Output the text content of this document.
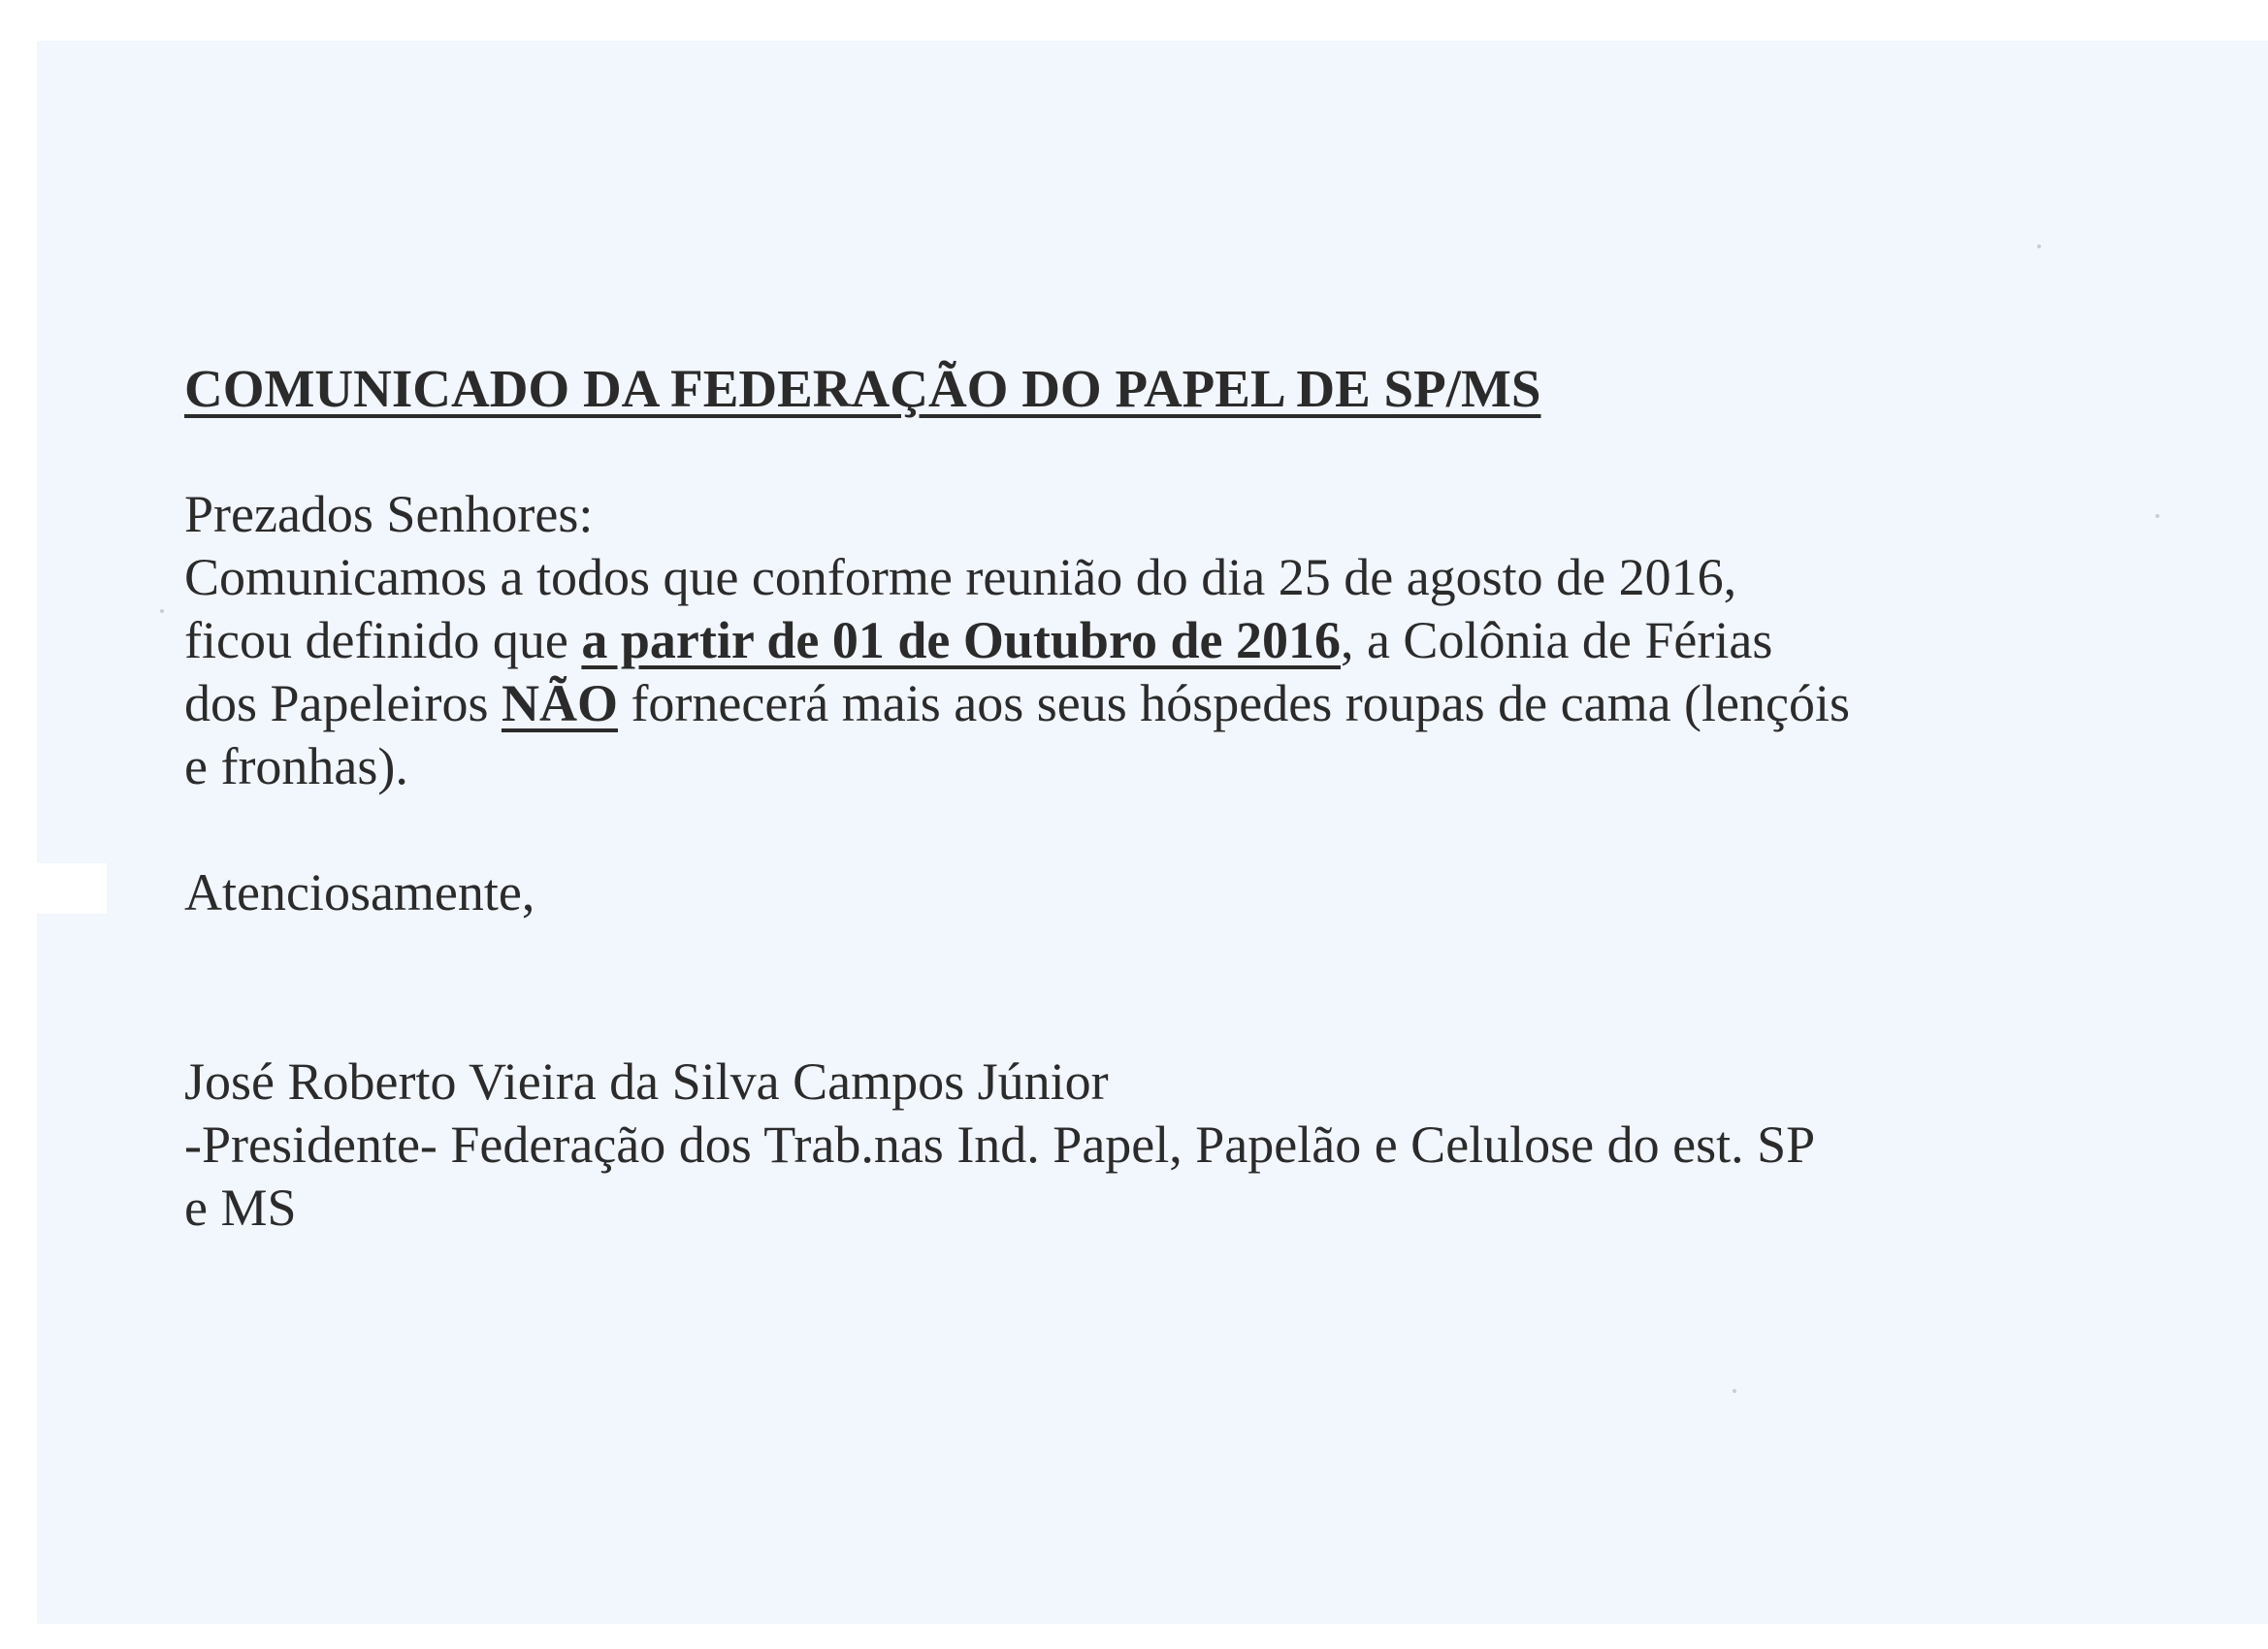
COMUNICADO DA FEDERAÇÃO DO PAPEL DE SP/MS

Prezados Senhores:

Comunicamos a todos que conforme reunião do dia 25 de agosto de 2016,

ficou definido que a partir de 01 de Outubro de 2016, a Colônia de Férias

dos Papeleiros NÃO fornecerá mais aos seus hóspedes roupas de cama (lençóis

e fronhas).

Atenciosamente,

José Roberto Vieira da Silva Campos Júnior

-Presidente- Federação dos Trab.nas Ind. Papel, Papelão e Celulose do est. SP

e MS
